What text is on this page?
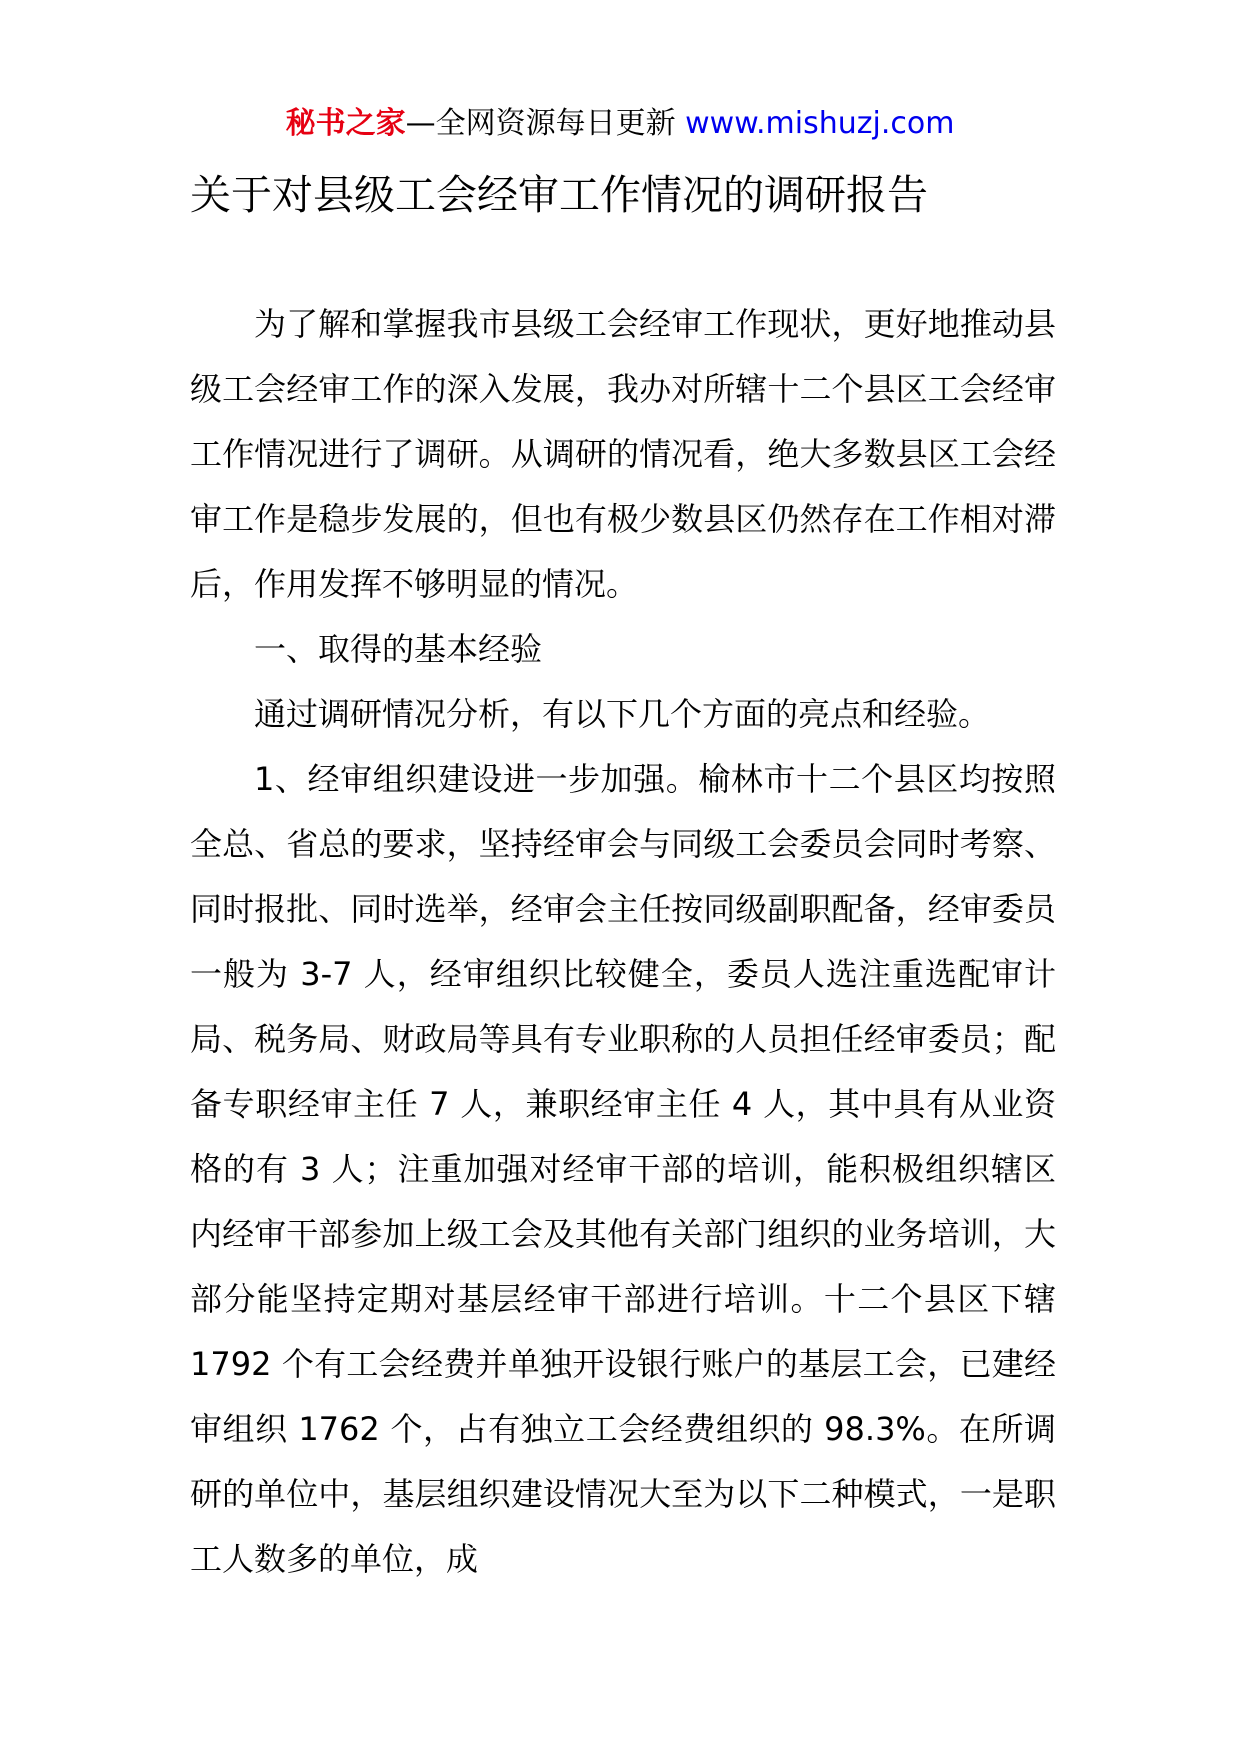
秘书之家—全网资源每日更新 www.mishuzj.com
关于对县级工会经审工作情况的调研报告

为了解和掌握我市县级工会经审工作现状，更好地推动县级工会经审工作的深入发展，我办对所辖十二个县区工会经审工作情况进行了调研。从调研的情况看，绝大多数县区工会经审工作是稳步发展的，但也有极少数县区仍然存在工作相对滞后，作用发挥不够明显的情况。

一、取得的基本经验

通过调研情况分析，有以下几个方面的亮点和经验。

1、经审组织建设进一步加强。榆林市十二个县区均按照全总、省总的要求，坚持经审会与同级工会委员会同时考察、同时报批、同时选举，经审会主任按同级副职配备，经审委员一般为 3-7 人，经审组织比较健全，委员人选注重选配审计局、税务局、财政局等具有专业职称的人员担任经审委员；配备专职经审主任 7 人，兼职经审主任 4 人，其中具有从业资格的有 3 人；注重加强对经审干部的培训，能积极组织辖区内经审干部参加上级工会及其他有关部门组织的业务培训，大部分能坚持定期对基层经审干部进行培训。十二个县区下辖 1792 个有工会经费并单独开设银行账户的基层工会，已建经审组织 1762 个，占有独立工会经费组织的 98.3%。在所调研的单位中，基层组织建设情况大至为以下二种模式，一是职工人数多的单位，成
